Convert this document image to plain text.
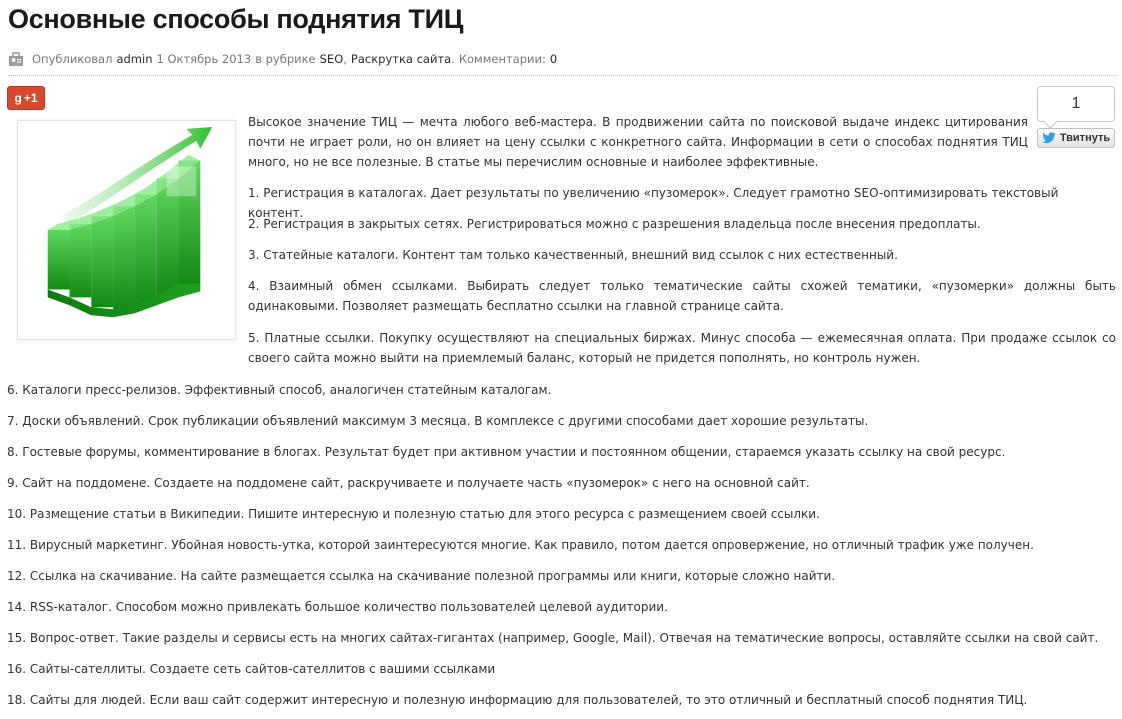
Основные способы поднятия ТИЦ
Опубликовал admin 1 Октябрь 2013 в рубрике SEO , Раскрутка сайта . Комментарии: 0
g +1	1
Твитнуть

Высокое значение ТИЦ — мечта любого веб-мастера. В продвижении сайта по поисковой выдаче индекс цитирования почти не играет роли, но он влияет на цену ссылки с конкретного сайта. Информации в сети о способах поднятия ТИЦ много, но не все полезные. В статье мы перечислим основные и наиболее эффективные.

1. Регистрация в каталогах. Дает результаты по увеличению «пузомерок». Следует грамотно SEO-оптимизировать текстовый контент.

2. Регистрация в закрытых сетях. Регистрироваться можно с разрешения владельца после внесения предоплаты.

3. Статейные каталоги. Контент там только качественный, внешний вид ссылок с них естественный.

4. Взаимный обмен ссылками. Выбирать следует только тематические сайты схожей тематики, «пузомерки» должны быть одинаковыми. Позволяет размещать бесплатно ссылки на главной странице сайта.

5. Платные ссылки. Покупку осуществляют на специальных биржах. Минус способа — ежемесячная оплата. При продаже ссылок со своего сайта можно выйти на приемлемый баланс, который не придется пополнять, но контроль нужен.

6. Каталоги пресс-релизов. Эффективный способ, аналогичен статейным каталогам.

7. Доски объявлений. Срок публикации объявлений максимум 3 месяца. В комплексе с другими способами дает хорошие результаты.

8. Гостевые форумы, комментирование в блогах. Результат будет при активном участии и постоянном общении, стараемся указать ссылку на свой ресурс.

9. Сайт на поддомене. Создаете на поддомене сайт, раскручиваете и получаете часть «пузомерок» с него на основной сайт.

10. Размещение статьи в Википедии. Пишите интересную и полезную статью для этого ресурса с размещением своей ссылки.

11. Вирусный маркетинг. Убойная новость-утка, которой заинтересуются многие. Как правило, потом дается опровержение, но отличный трафик уже получен.

12. Ссылка на скачивание. На сайте размещается ссылка на скачивание полезной программы или книги, которые сложно найти.

14. RSS-каталог. Способом можно привлекать большое количество пользователей целевой аудитории.

15. Вопрос-ответ. Такие разделы и сервисы есть на многих сайтах-гигантах (например, Google, Mail). Отвечая на тематические вопросы, оставляйте ссылки на свой сайт.

16. Сайты-сателлиты. Создаете сеть сайтов-сателлитов с вашими ссылками

18. Сайты для людей. Если ваш сайт содержит интересную и полезную информацию для пользователей, то это отличный и бесплатный способ поднятия ТИЦ.
